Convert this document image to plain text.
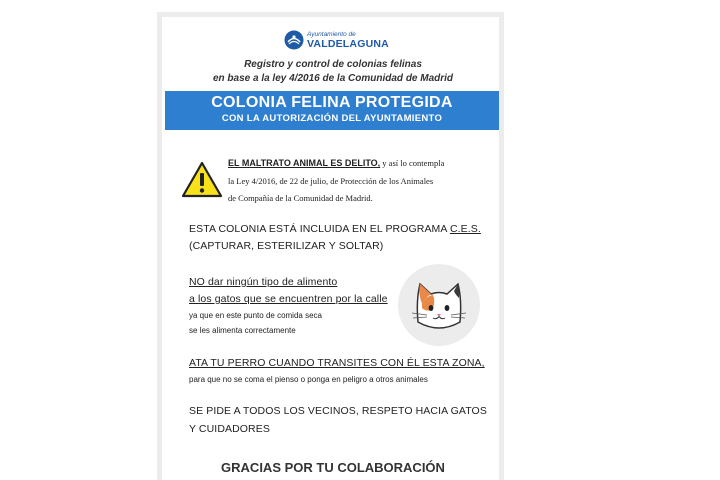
Ayuntamiento de
VALDELAGUNA
Registro y control de colonias felinas
en base a la ley 4/2016 de la Comunidad de Madrid
COLONIA FELINA PROTEGIDA
CON LA AUTORIZACIÓN DEL AYUNTAMIENTO
EL MALTRATO ANIMAL ES DELITO, y así lo contempla
la Ley 4/2016, de 22 de julio, de Protección de los Animales
de Compañía de la Comunidad de Madrid.
ESTA COLONIA ESTÁ INCLUIDA EN EL PROGRAMA C.E.S.
(CAPTURAR, ESTERILIZAR Y SOLTAR)
NO dar ningún tipo de alimento
a los gatos que se encuentren por la calle
ya que en este punto de comida seca
se les alimenta correctamente
ATA TU PERRO CUANDO TRANSITES CON ÉL ESTA ZONA,
para que no se coma el pienso o ponga en peligro a otros animales
SE PIDE A TODOS LOS VECINOS, RESPETO HACIA GATOS
Y CUIDADORES
GRACIAS POR TU COLABORACIÓN
